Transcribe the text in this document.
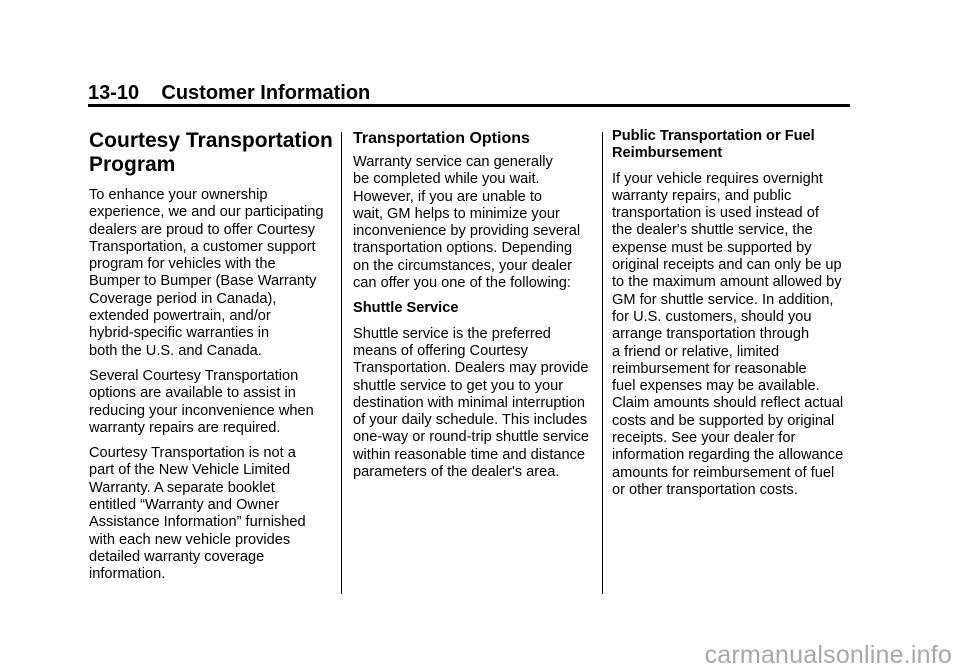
13-10    Customer Information
Courtesy Transportation
Program

To enhance your ownership
experience, we and our participating
dealers are proud to offer Courtesy
Transportation, a customer support
program for vehicles with the
Bumper to Bumper (Base Warranty
Coverage period in Canada),
extended powertrain, and/or
hybrid-specific warranties in
both the U.S. and Canada.

Several Courtesy Transportation
options are available to assist in
reducing your inconvenience when
warranty repairs are required.

Courtesy Transportation is not a
part of the New Vehicle Limited
Warranty. A separate booklet
entitled “Warranty and Owner
Assistance Information” furnished
with each new vehicle provides
detailed warranty coverage
information.

Transportation Options

Warranty service can generally
be completed while you wait.
However, if you are unable to
wait, GM helps to minimize your
inconvenience by providing several
transportation options. Depending
on the circumstances, your dealer
can offer you one of the following:

Shuttle Service

Shuttle service is the preferred
means of offering Courtesy
Transportation. Dealers may provide
shuttle service to get you to your
destination with minimal interruption
of your daily schedule. This includes
one-way or round-trip shuttle service
within reasonable time and distance
parameters of the dealer's area.

Public Transportation or Fuel
Reimbursement

If your vehicle requires overnight
warranty repairs, and public
transportation is used instead of
the dealer's shuttle service, the
expense must be supported by
original receipts and can only be up
to the maximum amount allowed by
GM for shuttle service. In addition,
for U.S. customers, should you
arrange transportation through
a friend or relative, limited
reimbursement for reasonable
fuel expenses may be available.
Claim amounts should reflect actual
costs and be supported by original
receipts. See your dealer for
information regarding the allowance
amounts for reimbursement of fuel
or other transportation costs.

carmanualsonline.info
